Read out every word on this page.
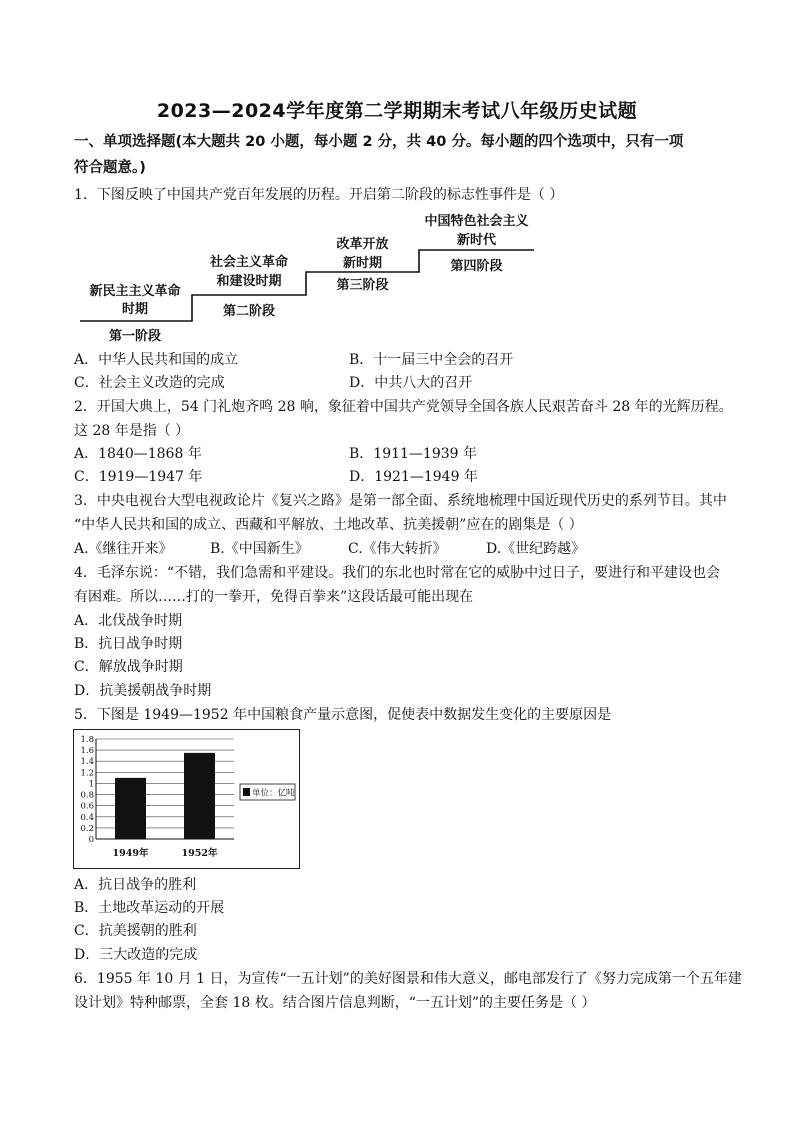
2023—2024学年度第二学期期末考试八年级历史试题
一、单项选择题(本大题共 20 小题，每小题 2 分，共 40 分。每小题的四个选项中，只有一项
符合题意。)
1．下图反映了中国共产党百年发展的历程。开启第二阶段的标志性事件是（ ）
新民主主义革命
时期
第一阶段
社会主义革命
和建设时期
第二阶段
改革开放
新时期
第三阶段
中国特色社会主义
新时代
第四阶段
A．中华人民共和国的成立	B．十一届三中全会的召开
C．社会主义改造的完成	D．中共八大的召开
2．开国大典上，54 门礼炮齐鸣 28 响，象征着中国共产党领导全国各族人民艰苦奋斗 28 年的光辉历程。
这 28 年是指（ ）
A．1840—1868 年	B．1911—1939 年
C．1919—1947 年	D．1921—1949 年
3．中央电视台大型电视政论片《复兴之路》是第一部全面、系统地梳理中国近现代历史的系列节目。其中
“中华人民共和国的成立、西藏和平解放、土地改革、抗美援朝”应在的剧集是（ ）
A.《继往开来》	B.《中国新生》	C.《伟大转折》	D.《世纪跨越》
4．毛泽东说：“不错，我们急需和平建设。我们的东北也时常在它的威胁中过日子，要进行和平建设也会
有困难。所以……打的一拳开，免得百拳来”这段话最可能出现在
A．北伐战争时期
B．抗日战争时期
C．解放战争时期
D．抗美援朝战争时期
5．下图是 1949—1952 年中国粮食产量示意图，促使表中数据发生变化的主要原因是
0
0.2
0.4
0.6
0.8
1
1.2
1.4
1.6
1.8
1949年	1952年
单位：亿吨
A．抗日战争的胜利
B．土地改革运动的开展
C．抗美援朝的胜利
D．三大改造的完成
6．1955 年 10 月 1 日，为宣传“一五计划”的美好图景和伟大意义，邮电部发行了《努力完成第一个五年建
设计划》特种邮票，全套 18 枚。结合图片信息判断，“一五计划”的主要任务是（ ）
